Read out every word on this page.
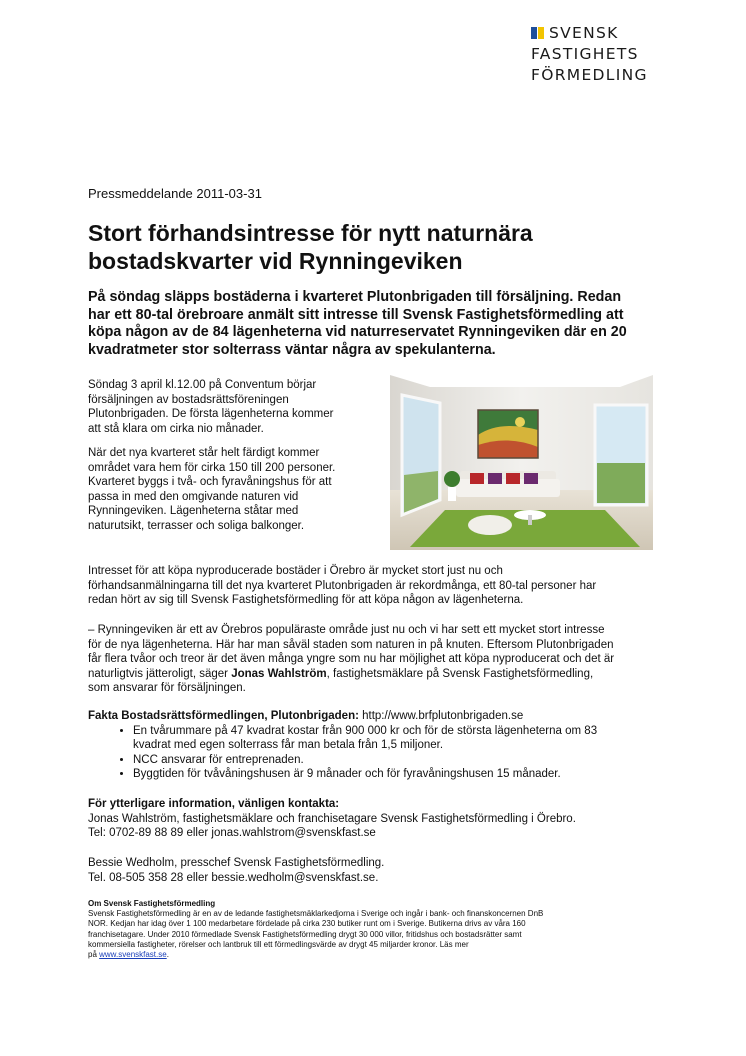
SVENSK
FASTIGHETS
FÖRMEDLING
Pressmeddelande 2011-03-31
Stort förhandsintresse för nytt naturnära
bostadskvarter vid Rynningeviken

På söndag släpps bostäderna i kvarteret Plutonbrigaden till försäljning. Redan
har ett 80-tal örebroare anmält sitt intresse till Svensk Fastighetsförmedling att
köpa någon av de 84 lägenheterna vid naturreservatet Rynningeviken där en 20
kvadratmeter stor solterrass väntar några av spekulanterna.

Söndag 3 april kl.12.00 på Conventum börjar
försäljningen av bostadsrättsföreningen
Plutonbrigaden. De första lägenheterna kommer
att stå klara om cirka nio månader.

När det nya kvarteret står helt färdigt kommer
området vara hem för cirka 150 till 200 personer.
Kvarteret byggs i två- och fyravåningshus för att
passa in med den omgivande naturen vid
Rynningeviken. Lägenheterna ståtar med
naturutsikt, terrasser och soliga balkonger.

Intresset för att köpa nyproducerade bostäder i Örebro är mycket stort just nu och
förhandsanmälningarna till det nya kvarteret Plutonbrigaden är rekordmånga, ett 80-tal personer har
redan hört av sig till Svensk Fastighetsförmedling för att köpa någon av lägenheterna.

– Rynningeviken är ett av Örebros populäraste område just nu och vi har sett ett mycket stort intresse
för de nya lägenheterna. Här har man såväl staden som naturen in på knuten. Eftersom Plutonbrigaden
får flera tvåor och treor är det även många yngre som nu har möjlighet att köpa nyproducerat och det är
naturligtvis jätteroligt, säger Jonas Wahlström, fastighetsmäklare på Svensk Fastighetsförmedling,
som ansvarar för försäljningen.

Fakta Bostadsrättsförmedlingen, Plutonbrigaden: http://www.brfplutonbrigaden.se
• En tvårummare på 47 kvadrat kostar från 900 000 kr och för de största lägenheterna om 83
kvadrat med egen solterrass får man betala från 1,5 miljoner.
• NCC ansvarar för entreprenaden.
• Byggtiden för tvåvåningshusen är 9 månader och för fyravåningshusen 15 månader.
För ytterligare information, vänligen kontakta:
Jonas Wahlström, fastighetsmäklare och franchisetagare Svensk Fastighetsförmedling i Örebro.
Tel: 0702-89 88 89 eller jonas.wahlstrom@svenskfast.se
Bessie Wedholm, presschef Svensk Fastighetsförmedling.
Tel. 08-505 358 28 eller bessie.wedholm@svenskfast.se.

Om Svensk Fastighetsförmedling
Svensk Fastighetsförmedling är en av de ledande fastighetsmäklarkedjorna i Sverige och ingår i bank- och finanskoncernen DnB
NOR. Kedjan har idag över 1 100 medarbetare fördelade på cirka 230 butiker runt om i Sverige. Butikerna drivs av våra 160
franchisetagare. Under 2010 förmedlade Svensk Fastighetsförmedling drygt 30 000 villor, fritidshus och bostadsrätter samt
kommersiella fastigheter, rörelser och lantbruk till ett förmedlingsvärde av drygt 45 miljarder kronor. Läs mer
på www.svenskfast.se.
